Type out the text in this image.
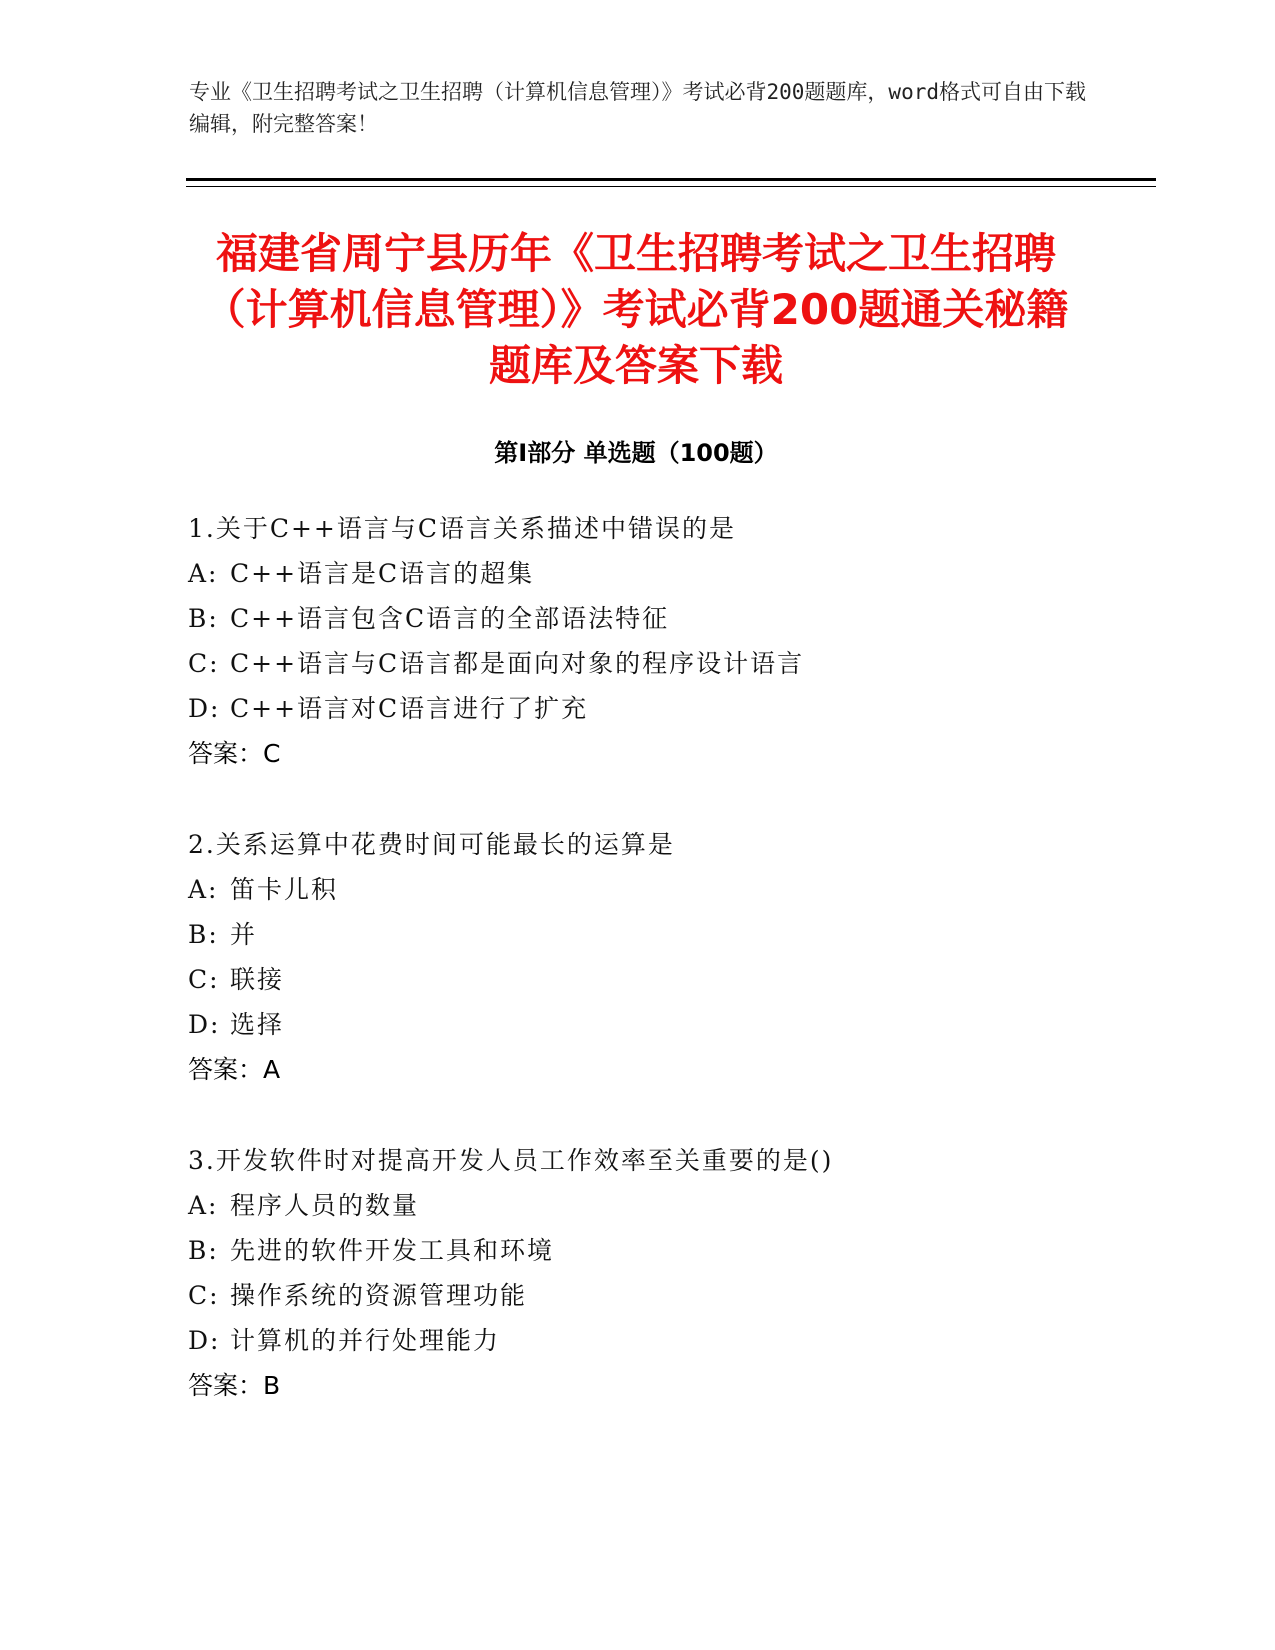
专业《卫生招聘考试之卫生招聘（计算机信息管理）》考试必背200题题库，word格式可自由下载编辑，附完整答案！
福建省周宁县历年《卫生招聘考试之卫生招聘（计算机信息管理）》考试必背200题通关秘籍题库及答案下载
第Ⅰ部分 单选题（100题）
1.关于C++语言与C语言关系描述中错误的是
A: C++语言是C语言的超集
B: C++语言包含C语言的全部语法特征
C: C++语言与C语言都是面向对象的程序设计语言
D: C++语言对C语言进行了扩充
答案：C
2.关系运算中花费时间可能最长的运算是
A: 笛卡儿积
B: 并
C: 联接
D: 选择
答案：A
3.开发软件时对提高开发人员工作效率至关重要的是()
A: 程序人员的数量
B: 先进的软件开发工具和环境
C: 操作系统的资源管理功能
D: 计算机的并行处理能力
答案：B
